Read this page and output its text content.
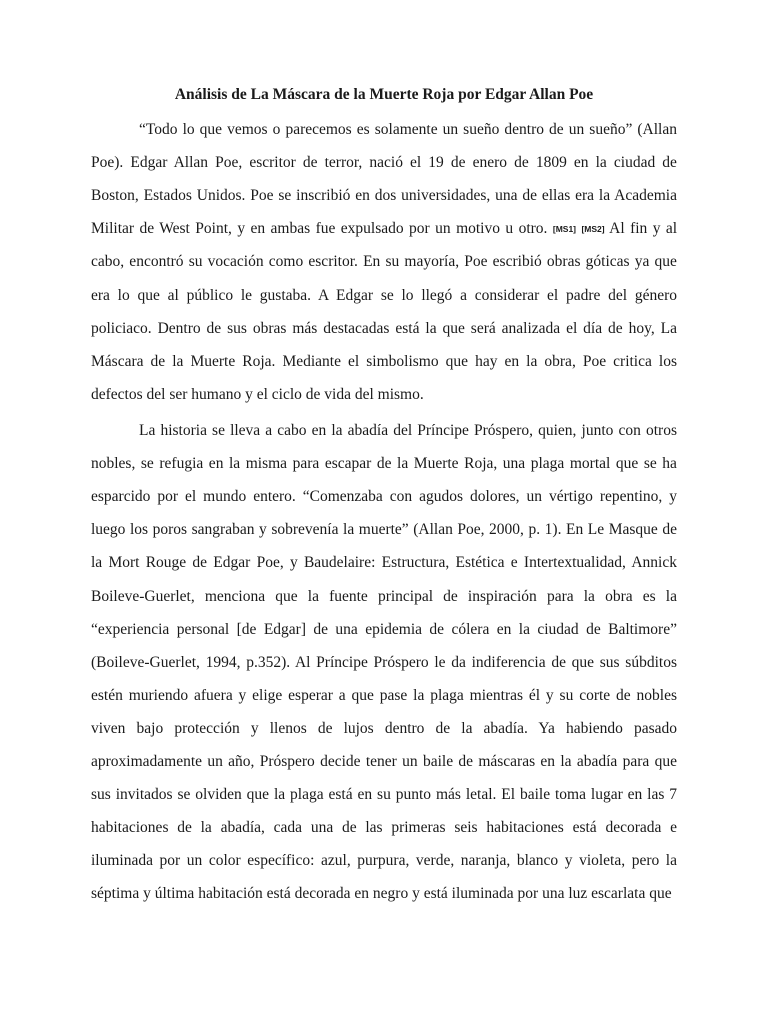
Análisis de La Máscara de la Muerte Roja por Edgar Allan Poe
“Todo lo que vemos o parecemos es solamente un sueño dentro de un sueño” (Allan
Poe). Edgar Allan Poe, escritor de terror, nació el 19 de enero de 1809 en la ciudad de
Boston, Estados Unidos. Poe se inscribió en dos universidades, una de ellas era la Academia
Militar de West Point, y en ambas fue expulsado por un motivo u otro. [MS1] [MS2] Al fin y al
cabo, encontró su vocación como escritor. En su mayoría, Poe escribió obras góticas ya que
era lo que al público le gustaba. A Edgar se lo llegó a considerar el padre del género
policiaco. Dentro de sus obras más destacadas está la que será analizada el día de hoy, La
Máscara de la Muerte Roja. Mediante el simbolismo que hay en la obra, Poe critica los
defectos del ser humano y el ciclo de vida del mismo.
La historia se lleva a cabo en la abadía del Príncipe Próspero, quien, junto con otros
nobles, se refugia en la misma para escapar de la Muerte Roja, una plaga mortal que se ha
esparcido por el mundo entero. “Comenzaba con agudos dolores, un vértigo repentino, y
luego los poros sangraban y sobrevenía la muerte” (Allan Poe, 2000, p. 1). En Le Masque de
la Mort Rouge de Edgar Poe, y Baudelaire: Estructura, Estética e Intertextualidad, Annick
Boileve-Guerlet, menciona que la fuente principal de inspiración para la obra es la
“experiencia personal [de Edgar] de una epidemia de cólera en la ciudad de Baltimore”
(Boileve-Guerlet, 1994, p.352). Al Príncipe Próspero le da indiferencia de que sus súbditos
estén muriendo afuera y elige esperar a que pase la plaga mientras él y su corte de nobles
viven bajo protección y llenos de lujos dentro de la abadía. Ya habiendo pasado
aproximadamente un año, Próspero decide tener un baile de máscaras en la abadía para que
sus invitados se olviden que la plaga está en su punto más letal. El baile toma lugar en las 7
habitaciones de la abadía, cada una de las primeras seis habitaciones está decorada e
iluminada por un color específico: azul, purpura, verde, naranja, blanco y violeta, pero la
séptima y última habitación está decorada en negro y está iluminada por una luz escarlata que
